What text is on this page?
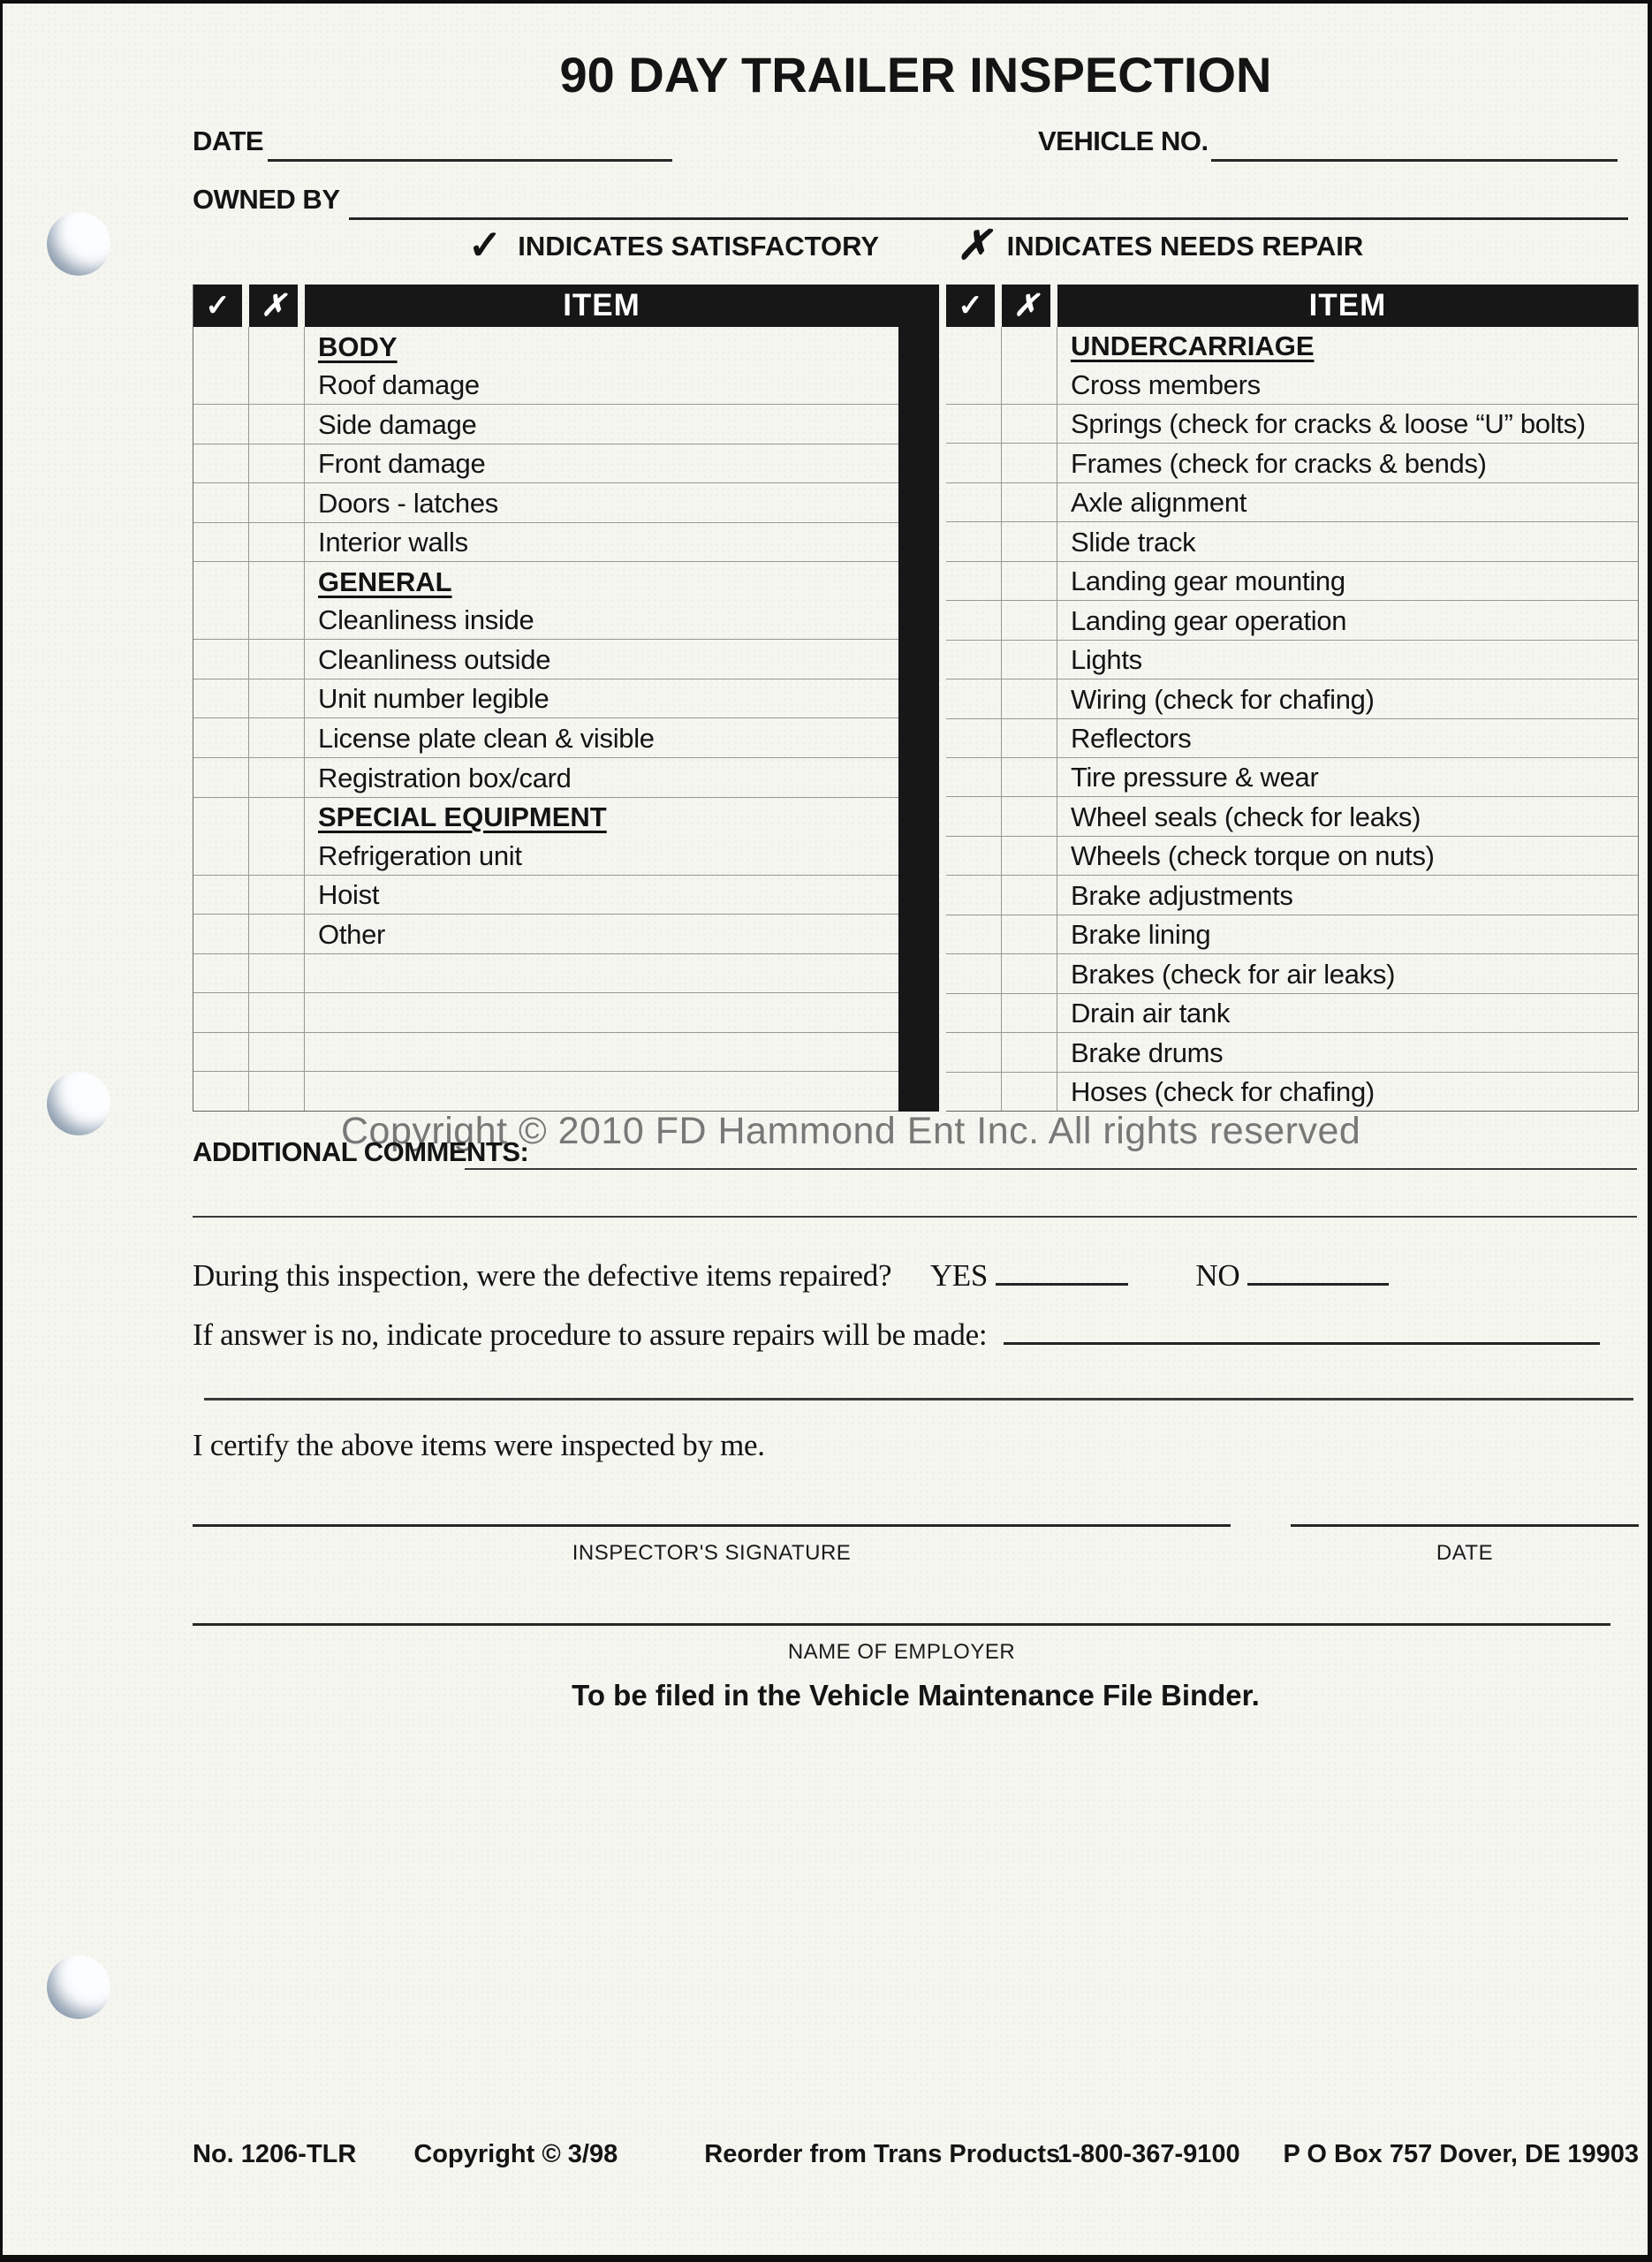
90 DAY TRAILER INSPECTION
DATE	VEHICLE NO.
OWNED BY
✓ INDICATES SATISFACTORY ✗ INDICATES NEEDS REPAIR
✓	✗	ITEM
BODY
Roof damage
Side damage
Front damage
Doors - latches
Interior walls
GENERAL
Cleanliness inside
Cleanliness outside
Unit number legible
License plate clean & visible
Registration box/card
SPECIAL EQUIPMENT
Refrigeration unit
Hoist
Other
✓	✗	ITEM
UNDERCARRIAGE
Cross members
Springs (check for cracks & loose “U” bolts)
Frames (check for cracks & bends)
Axle alignment
Slide track
Landing gear mounting
Landing gear operation
Lights
Wiring (check for chafing)
Reflectors
Tire pressure & wear
Wheel seals (check for leaks)
Wheels (check torque on nuts)
Brake adjustments
Brake lining
Brakes (check for air leaks)
Drain air tank
Brake drums
Hoses (check for chafing)
Copyright © 2010 FD Hammond Ent Inc. All rights reserved
ADDITIONAL COMMENTS:
During this inspection, were the defective items repaired? YES	NO
If answer is no, indicate procedure to assure repairs will be made:
I certify the above items were inspected by me.
INSPECTOR'S SIGNATURE	DATE
NAME OF EMPLOYER
To be filed in the Vehicle Maintenance File Binder.
No. 1206-TLR	Copyright © 3/98	Reorder from Trans Products
1-800-367-9100	P O Box 757 Dover, DE 19903
